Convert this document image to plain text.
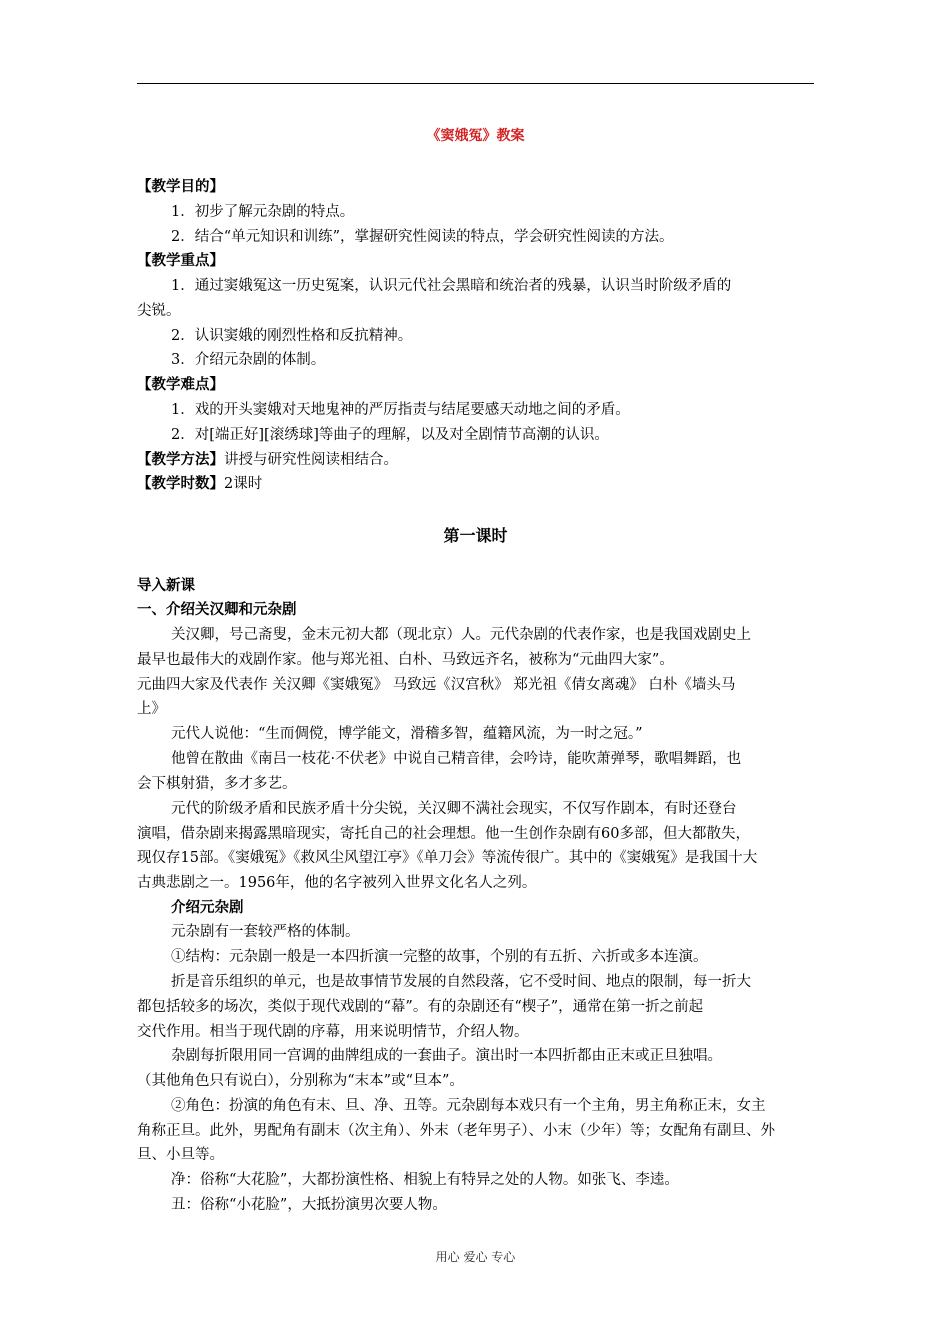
《窦娥冤》教案
【教学目的】
1．初步了解元杂剧的特点。
2．结合“单元知识和训练”，掌握研究性阅读的特点，学会研究性阅读的方法。
【教学重点】
1．通过窦娥冤这一历史冤案，认识元代社会黑暗和统治者的残暴，认识当时阶级矛盾的
尖锐。
2．认识窦娥的刚烈性格和反抗精神。
3．介绍元杂剧的体制。
【教学难点】
1．戏的开头窦娥对天地鬼神的严厉指责与结尾要感天动地之间的矛盾。
2．对[端正好][滚绣球]等曲子的理解，以及对全剧情节高潮的认识。
【教学方法】讲授与研究性阅读相结合。
【教学时数】2课时
第一课时
导入新课
一、介绍关汉卿和元杂剧
关汉卿，号己斋叟，金末元初大都（现北京）人。元代杂剧的代表作家，也是我国戏剧史上
最早也最伟大的戏剧作家。他与郑光祖、白朴、马致远齐名，被称为“元曲四大家”。
元曲四大家及代表作 关汉卿《窦娥冤》 马致远《汉宫秋》 郑光祖《倩女离魂》 白朴《墙头马
上》
元代人说他：“生而倜傥，博学能文，滑稽多智，蕴籍风流，为一时之冠。”
他曾在散曲《南吕一枝花·不伏老》中说自己精音律，会吟诗，能吹萧弹琴，歌唱舞蹈，也
会下棋射猎，多才多艺。
元代的阶级矛盾和民族矛盾十分尖锐，关汉卿不满社会现实，不仅写作剧本，有时还登台
演唱，借杂剧来揭露黑暗现实，寄托自己的社会理想。他一生创作杂剧有60多部，但大都散失，
现仅存15部。《窦娥冤》《救风尘风望江亭》《单刀会》等流传很广。其中的《窦娥冤》是我国十大
古典悲剧之一。1956年，他的名字被列入世界文化名人之列。
介绍元杂剧
元杂剧有一套较严格的体制。
①结构：元杂剧一般是一本四折演一完整的故事，个别的有五折、六折或多本连演。
折是音乐组织的单元，也是故事情节发展的自然段落，它不受时间、地点的限制，每一折大
都包括较多的场次，类似于现代戏剧的“幕”。有的杂剧还有“楔子”，通常在第一折之前起
交代作用。相当于现代剧的序幕，用来说明情节，介绍人物。
杂剧每折限用同一宫调的曲牌组成的一套曲子。演出时一本四折都由正末或正旦独唱。
（其他角色只有说白），分别称为“末本”或“旦本”。
②角色：扮演的角色有末、旦、净、丑等。元杂剧每本戏只有一个主角，男主角称正末，女主
角称正旦。此外，男配角有副末（次主角）、外末（老年男子）、小末（少年）等；女配角有副旦、外
旦、小旦等。
净：俗称“大花脸”，大都扮演性格、相貌上有特异之处的人物。如张飞、李逵。
丑：俗称“小花脸”，大抵扮演男次要人物。
用心 爱心 专心
